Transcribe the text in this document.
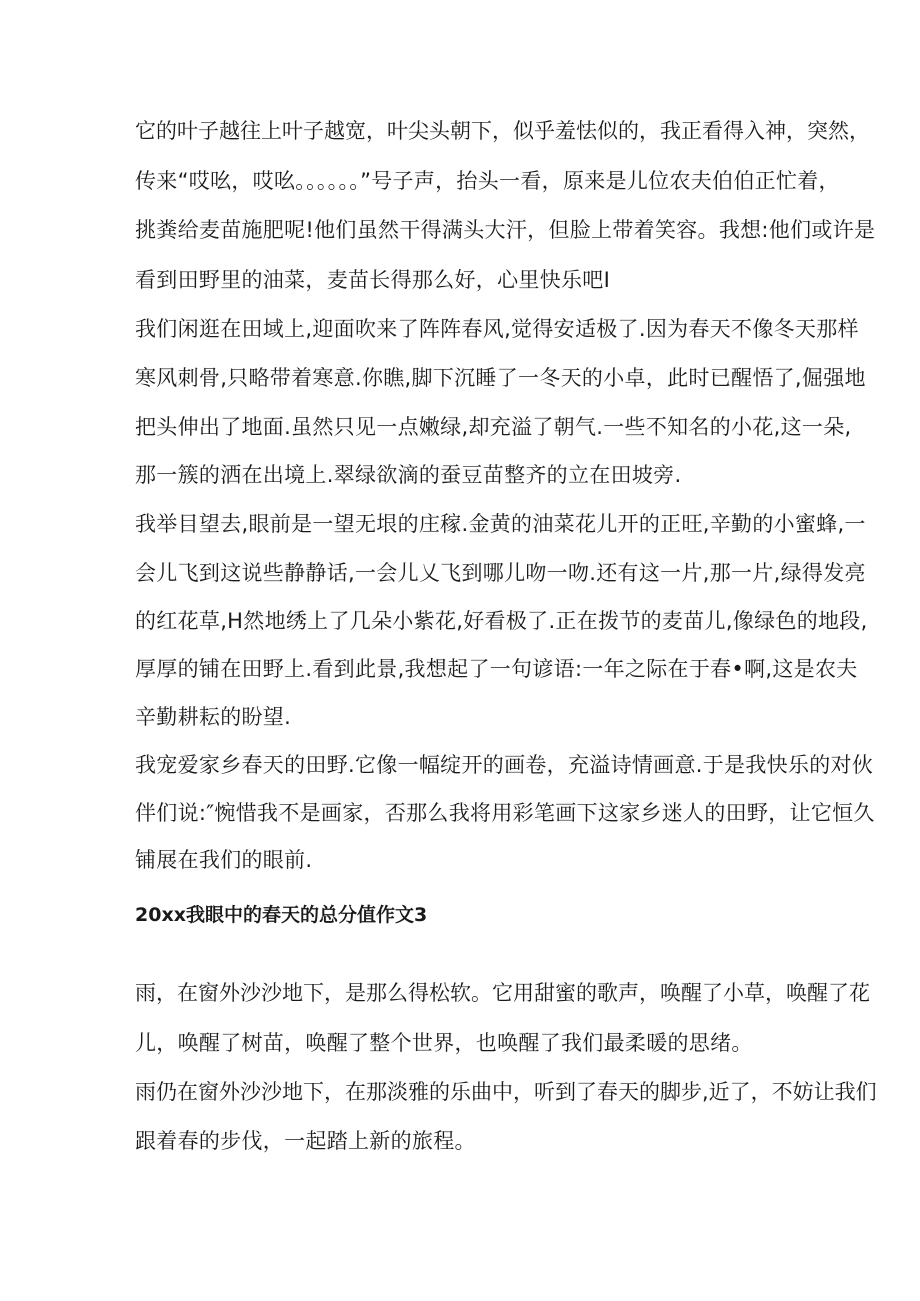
它的叶子越往上叶子越宽，叶尖头朝下，似乎羞怯似的，我正看得入神，突然，
传来“哎吆，哎吆。。。。。。”号子声，抬头一看，原来是儿位农夫伯伯正忙着，
挑粪给麦苗施肥呢!他们虽然干得满头大汗，但脸上带着笑容。我想:他们或许是
看到田野里的油菜，麦苗长得那么好，心里快乐吧I
我们闲逛在田域上,迎面吹来了阵阵春风,觉得安适极了.因为春天不像冬天那样
寒风刺骨,只略带着寒意.你瞧,脚下沉睡了一冬天的小卓，此时已醒悟了,倔强地
把头伸出了地面.虽然只见一点嫩绿,却充溢了朝气.一些不知名的小花,这一朵,
那一簇的洒在出境上.翠绿欲滴的蚕豆苗整齐的立在田坡旁.
我举目望去,眼前是一望无垠的庄稼.金黄的油菜花儿开的正旺,辛勤的小蜜蜂,一
会儿飞到这说些静静话,一会儿乂飞到哪儿吻一吻.还有这一片,那一片,绿得发亮
的红花草,H然地绣上了几朵小紫花,好看极了.正在拨节的麦苗儿,像绿色的地段,
厚厚的铺在田野上.看到此景,我想起了一句谚语:一年之际在于春•啊,这是农夫
辛勤耕耘的盼望.
我宠爱家乡春天的田野.它像一幅绽开的画卷，充溢诗情画意.于是我快乐的对伙
伴们说:″惋惜我不是画家，否那么我将用彩笔画下这家乡迷人的田野，让它恒久
铺展在我们的眼前.
20xx我眼中的春天的总分值作文3
雨，在窗外沙沙地下，是那么得松软。它用甜蜜的歌声，唤醒了小草，唤醒了花
儿，唤醒了树苗，唤醒了整个世界，也唤醒了我们最柔暖的思绪。
雨仍在窗外沙沙地下，在那淡雅的乐曲中，听到了春天的脚步,近了，不妨让我们
跟着春的步伐，一起踏上新的旅程。
